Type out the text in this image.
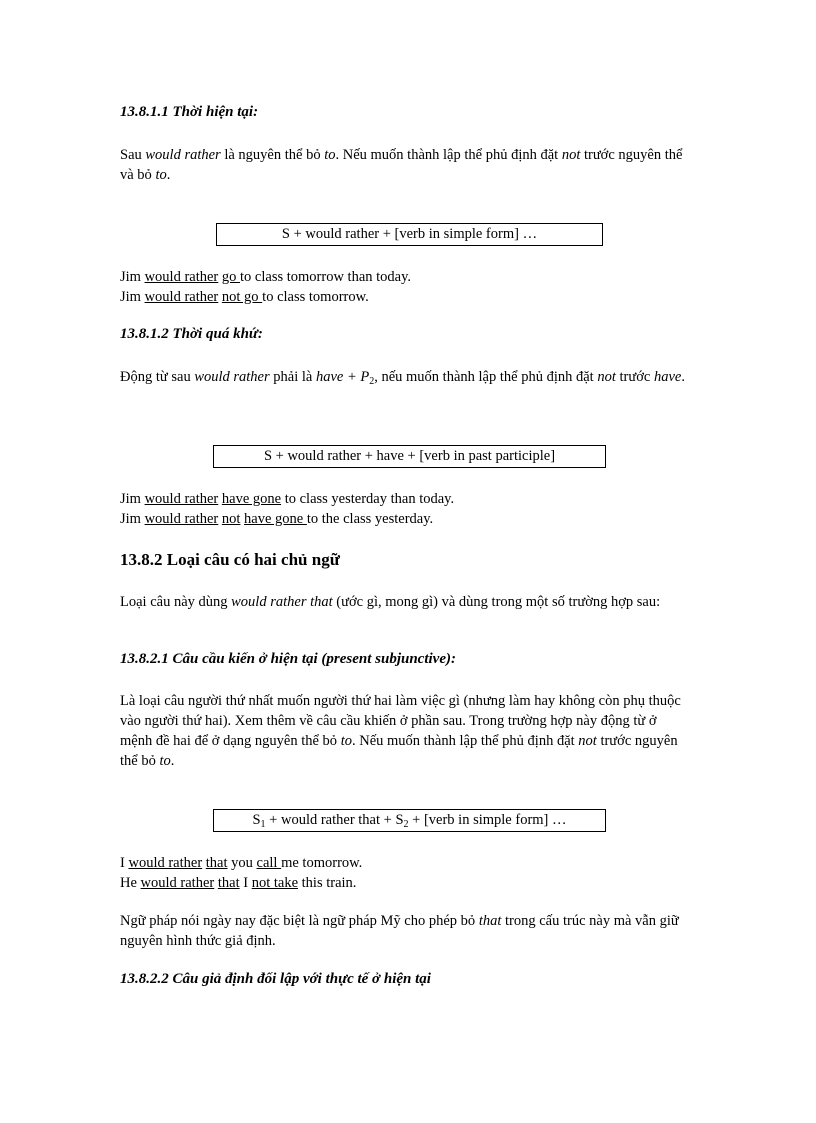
13.8.1.1 Thời hiện tại:

Sau would rather là nguyên thể bỏ to. Nếu muốn thành lập thể phủ định đặt not trước nguyên thể và bỏ to.

S + would rather + [verb in simple form] …

Jim would rather go to class tomorrow than today.

Jim would rather not go to class tomorrow.

13.8.1.2 Thời quá khứ:

Động từ sau would rather phải là have + $P_2$, nếu muốn thành lập thể phủ định đặt not trước have.

S + would rather + have + [verb in past participle]

Jim would rather have gone to class yesterday than today.

Jim would rather not have gone to the class yesterday.

13.8.2 Loại câu có hai chủ ngữ

Loại câu này dùng would rather that (ước gì, mong gì) và dùng trong một số trường hợp sau:

13.8.2.1 Câu cầu kiến ở hiện tại (present subjunctive):

Là loại câu người thứ nhất muốn người thứ hai làm việc gì (nhưng làm hay không còn phụ thuộc vào người thứ hai). Xem thêm về câu cầu khiến ở phần sau. Trong trường hợp này động từ ở mệnh đề hai để ở dạng nguyên thể bỏ to. Nếu muốn thành lập thể phủ định đặt not trước nguyên thể bỏ to.

$S_1$ + would rather that + $S_2$ + [verb in simple form] …

I would rather that you call me tomorrow.

He would rather that I not take this train.

Ngữ pháp nói ngày nay đặc biệt là ngữ pháp Mỹ cho phép bỏ that trong cấu trúc này mà vẫn giữ nguyên hình thức giả định.

13.8.2.2 Câu giả định đối lập với thực tế ở hiện tại
